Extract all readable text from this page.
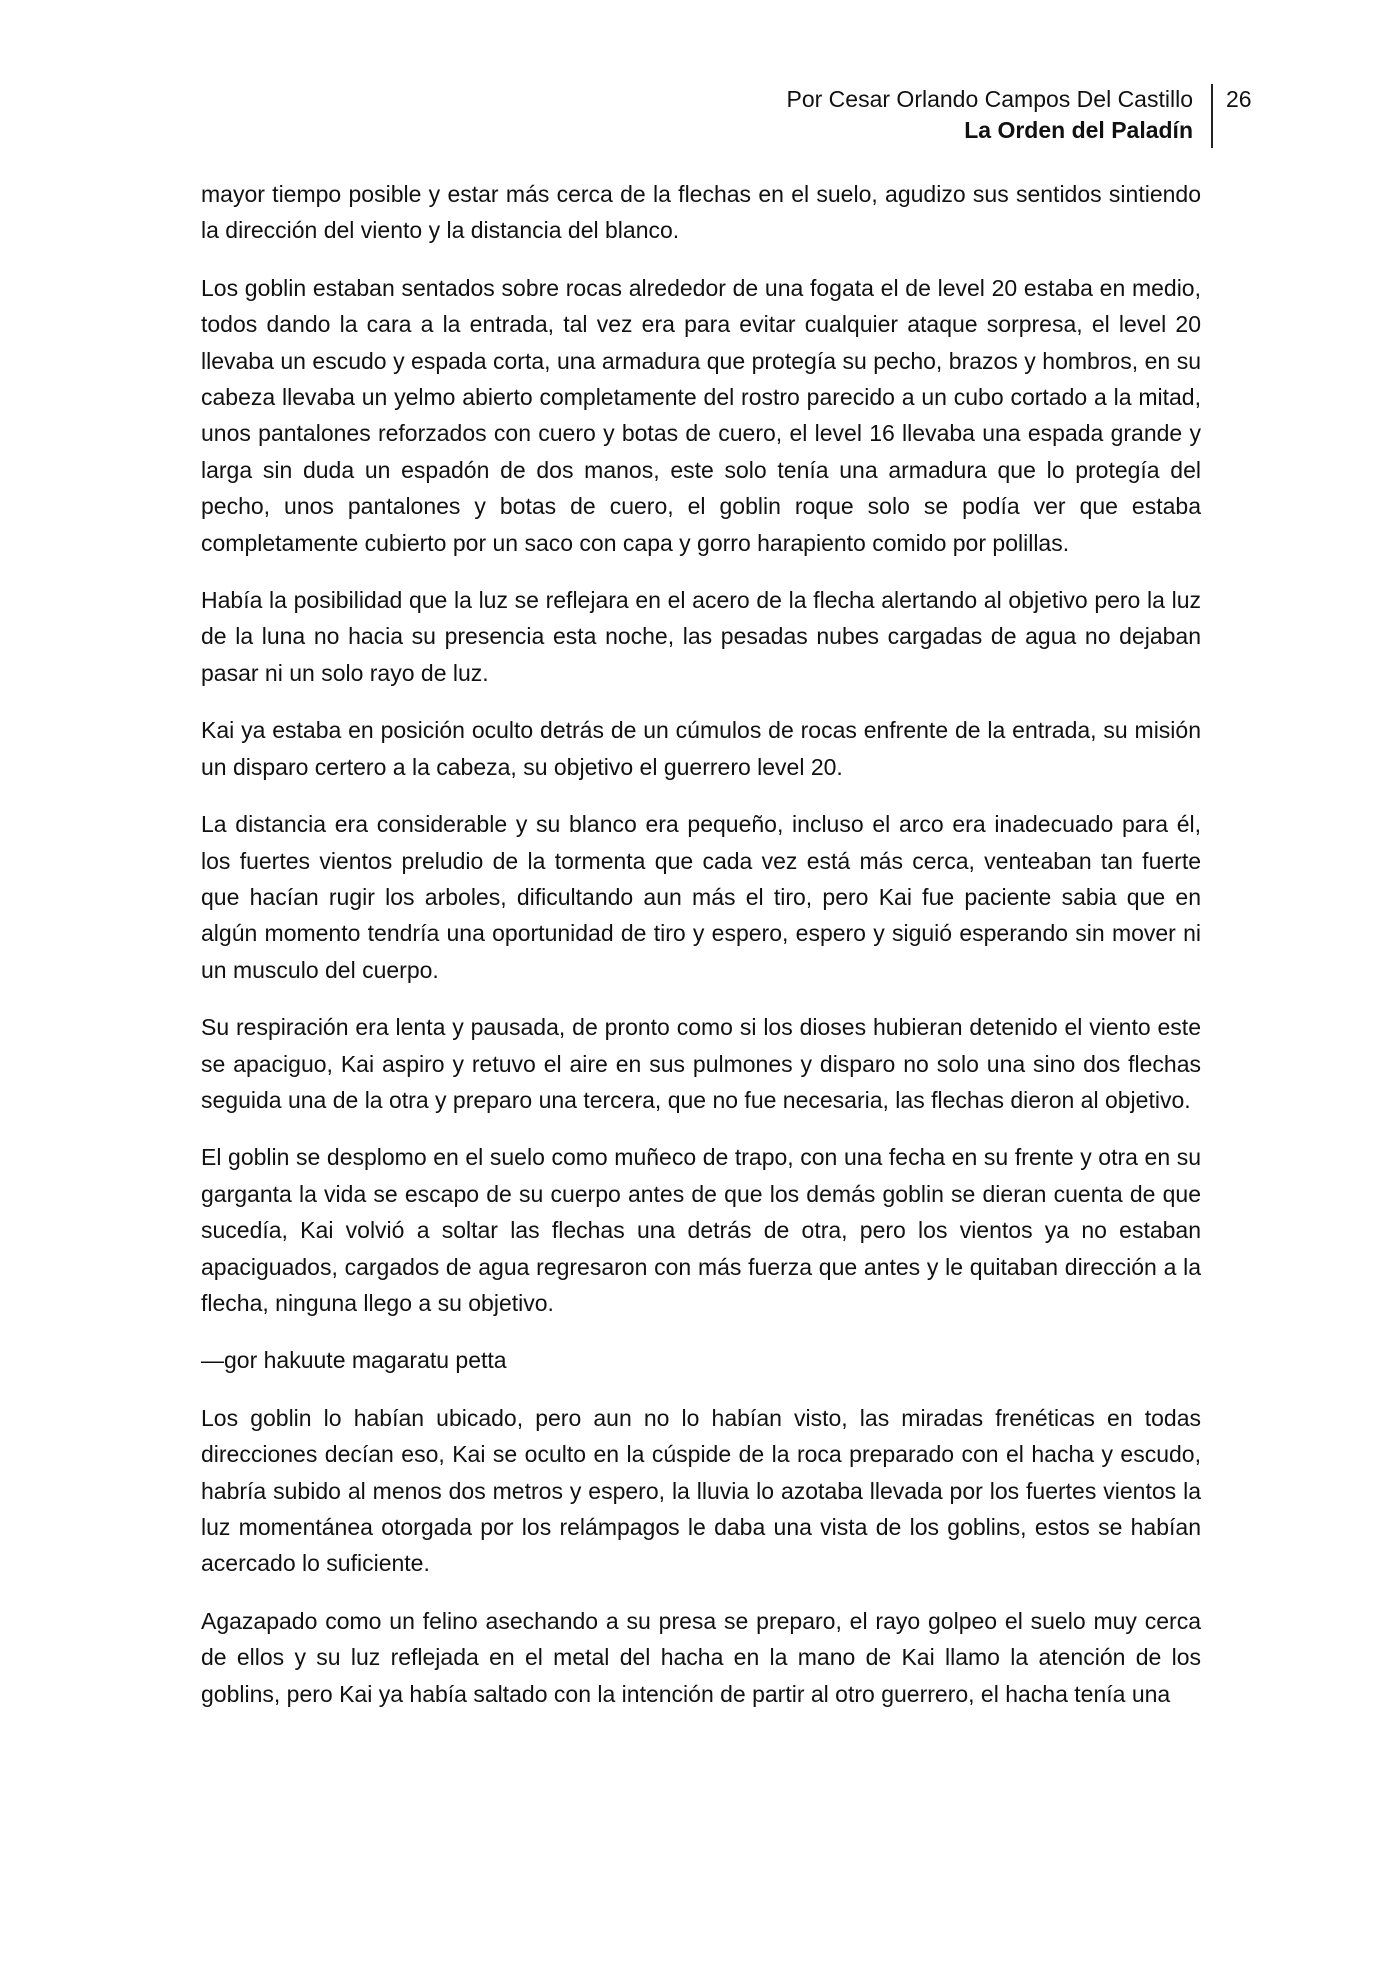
Por Cesar Orlando Campos Del Castillo
La Orden del Paladín
26

mayor tiempo posible y estar más cerca de la flechas en el suelo, agudizo sus sentidos sintiendo la dirección del viento y la distancia del blanco.

Los goblin estaban sentados sobre rocas alrededor de una fogata el de level 20 estaba en medio, todos dando la cara a la entrada, tal vez era para evitar cualquier ataque sorpresa, el level 20 llevaba un escudo y espada corta, una armadura que protegía su pecho, brazos y hombros, en su cabeza llevaba un yelmo abierto completamente del rostro parecido a un cubo cortado a la mitad, unos pantalones reforzados con cuero y botas de cuero, el level 16 llevaba una espada grande y larga sin duda un espadón de dos manos, este solo tenía una armadura que lo protegía del pecho, unos pantalones y botas de cuero, el goblin roque solo se podía ver que estaba completamente cubierto por un saco con capa y gorro harapiento comido por polillas.

Había la posibilidad que la luz se reflejara en el acero de la flecha alertando al objetivo pero la luz de la luna no hacia su presencia esta noche, las pesadas nubes cargadas de agua no dejaban pasar ni un solo rayo de luz.

Kai ya estaba en posición oculto detrás de un cúmulos de rocas enfrente de la entrada, su misión un disparo certero a la cabeza, su objetivo el guerrero level 20.

La distancia era considerable y su blanco era pequeño, incluso el arco era inadecuado para él, los fuertes vientos preludio de la tormenta que cada vez está más cerca, venteaban tan fuerte que hacían rugir los arboles, dificultando aun más el tiro, pero Kai fue paciente sabia que en algún momento tendría una oportunidad de tiro y espero, espero y siguió esperando sin mover ni un musculo del cuerpo.

Su respiración era lenta y pausada, de pronto como si los dioses hubieran detenido el viento este se apaciguo, Kai aspiro y retuvo el aire en sus pulmones y disparo no solo una sino dos flechas seguida una de la otra y preparo una tercera, que no fue necesaria, las flechas dieron al objetivo.

El goblin se desplomo en el suelo como muñeco de trapo, con una fecha en su frente y otra en su garganta la vida se escapo de su cuerpo antes de que los demás goblin se dieran cuenta de que sucedía, Kai volvió a soltar las flechas una detrás de otra, pero los vientos ya no estaban apaciguados, cargados de agua regresaron con más fuerza que antes y le quitaban dirección a la flecha, ninguna llego a su objetivo.

—gor hakuute magaratu petta

Los goblin lo habían ubicado, pero aun no lo habían visto, las miradas frenéticas en todas direcciones decían eso, Kai se oculto en la cúspide de la roca preparado con el hacha y escudo, habría subido al menos dos metros y espero, la lluvia lo azotaba llevada por los fuertes vientos la luz momentánea otorgada por los relámpagos le daba una vista de los goblins, estos se habían acercado lo suficiente.

Agazapado como un felino asechando a su presa se preparo, el rayo golpeo el suelo muy cerca de ellos y su luz reflejada en el metal del hacha en la mano de Kai llamo la atención de los goblins, pero Kai ya había saltado con la intención de partir al otro guerrero, el hacha tenía una
